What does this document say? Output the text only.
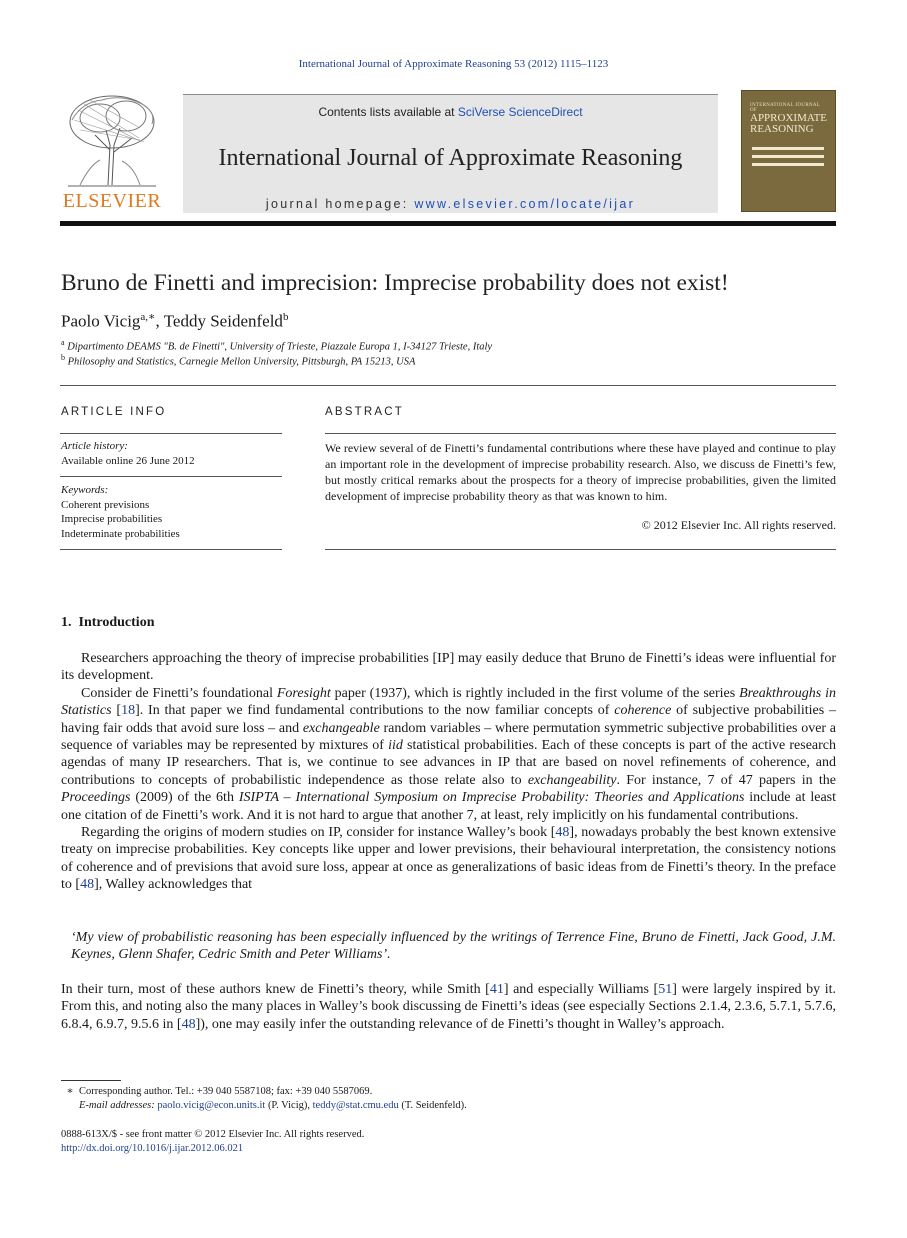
International Journal of Approximate Reasoning 53 (2012) 1115–1123
ELSEVIER
Contents lists available at SciVerse ScienceDirect
International Journal of Approximate Reasoning
journal homepage: www.elsevier.com/locate/ijar
INTERNATIONAL JOURNAL OF
APPROXIMATE REASONING
Bruno de Finetti and imprecision: Imprecise probability does not exist!
Paolo Vicig$^{a,∗}$, Teddy Seidenfeld$^b$
$^a$ Dipartimento DEAMS "B. de Finetti", University of Trieste, Piazzale Europa 1, I-34127 Trieste, Italy
$^b$ Philosophy and Statistics, Carnegie Mellon University, Pittsburgh, PA 15213, USA
ARTICLE INFO
Article history:
Available online 26 June 2012
Keywords:
Coherent previsions
Imprecise probabilities
Indeterminate probabilities
ABSTRACT
We review several of de Finetti’s fundamental contributions where these have played and continue to play an important role in the development of imprecise probability research. Also, we discuss de Finetti’s few, but mostly critical remarks about the prospects for a theory of imprecise probabilities, given the limited development of imprecise probability theory as that was known to him.
© 2012 Elsevier Inc. All rights reserved.
1. Introduction

Researchers approaching the theory of imprecise probabilities [IP] may easily deduce that Bruno de Finetti’s ideas were influential for its development.

Consider de Finetti’s foundational Foresight paper (1937), which is rightly included in the first volume of the series Breakthroughs in Statistics [18]. In that paper we find fundamental contributions to the now familiar concepts of coherence of subjective probabilities – having fair odds that avoid sure loss – and exchangeable random variables – where permutation symmetric subjective probabilities over a sequence of variables may be represented by mixtures of iid statistical probabilities. Each of these concepts is part of the active research agendas of many IP researchers. That is, we continue to see advances in IP that are based on novel refinements of coherence, and contributions to concepts of probabilistic independence as those relate also to exchangeability. For instance, 7 of 47 papers in the Proceedings (2009) of the 6th ISIPTA – International Symposium on Imprecise Probability: Theories and Applications include at least one citation of de Finetti’s work. And it is not hard to argue that another 7, at least, rely implicitly on his fundamental contributions.

Regarding the origins of modern studies on IP, consider for instance Walley’s book [48], nowadays probably the best known extensive treaty on imprecise probabilities. Key concepts like upper and lower previsions, their behavioural interpretation, the consistency notions of coherence and of previsions that avoid sure loss, appear at once as generalizations of basic ideas from de Finetti’s theory. In the preface to [48], Walley acknowledges that

‘My view of probabilistic reasoning has been especially influenced by the writings of Terrence Fine, Bruno de Finetti, Jack Good, J.M. Keynes, Glenn Shafer, Cedric Smith and Peter Williams’.

In their turn, most of these authors knew de Finetti’s theory, while Smith [41] and especially Williams [51] were largely inspired by it. From this, and noting also the many places in Walley’s book discussing de Finetti’s ideas (see especially Sections 2.1.4, 2.3.6, 5.7.1, 5.7.6, 6.8.4, 6.9.7, 9.5.6 in [48]), one may easily infer the outstanding relevance of de Finetti’s thought in Walley’s approach.

∗ Corresponding author. Tel.: +39 040 5587108; fax: +39 040 5587069.
E-mail addresses: paolo.vicig@econ.units.it (P. Vicig), teddy@stat.cmu.edu (T. Seidenfeld).
0888-613X/$ - see front matter © 2012 Elsevier Inc. All rights reserved.
http://dx.doi.org/10.1016/j.ijar.2012.06.021
